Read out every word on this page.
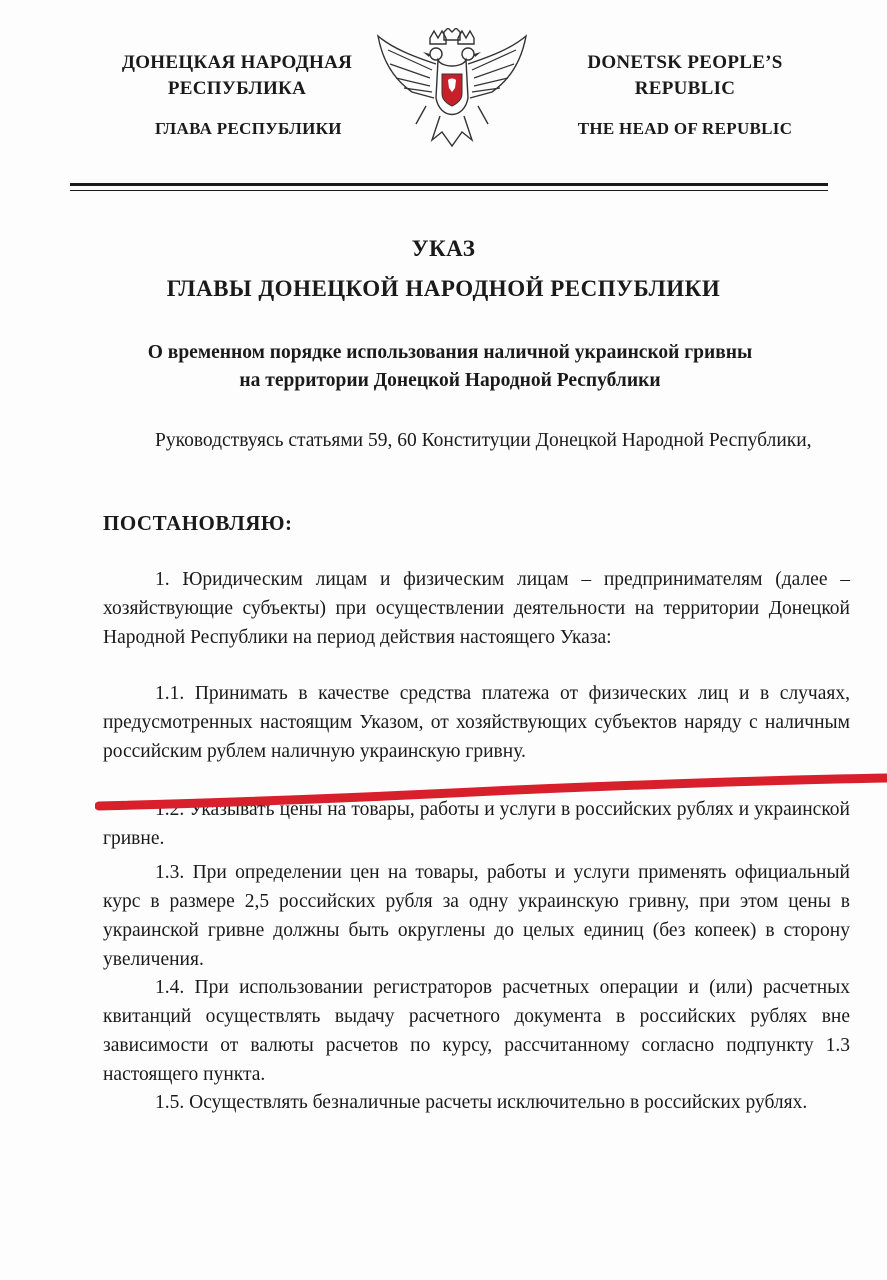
ДОНЕЦКАЯ НАРОДНАЯ
РЕСПУБЛИКА
ГЛАВА РЕСПУБЛИКИ
DONETSK PEOPLE’S
REPUBLIC
THE HEAD OF REPUBLIC
УКАЗ
ГЛАВЫ ДОНЕЦКОЙ НАРОДНОЙ РЕСПУБЛИКИ
О временном порядке использования наличной украинской гривны
на территории Донецкой Народной Республики
Руководствуясь статьями 59, 60 Конституции Донецкой Народной Республики,
ПОСТАНОВЛЯЮ:
1. Юридическим лицам и физическим лицам – предпринимателям (далее – хозяйствующие субъекты) при осуществлении деятельности на территории Донецкой Народной Республики на период действия настоящего Указа:
1.1. Принимать в качестве средства платежа от физических лиц и в случаях, предусмотренных настоящим Указом, от хозяйствующих субъектов наряду с наличным российским рублем наличную украинскую гривну.
1.2. Указывать цены на товары, работы и услуги в российских рублях и украинской гривне.
1.3. При определении цен на товары, работы и услуги применять официальный курс в размере 2,5 российских рубля за одну украинскую гривну, при этом цены в украинской гривне должны быть округлены до целых единиц (без копеек) в сторону увеличения.
1.4. При использовании регистраторов расчетных операции и (или) расчетных квитанций осуществлять выдачу расчетного документа в российских рублях вне зависимости от валюты расчетов по курсу, рассчитанному согласно подпункту 1.3 настоящего пункта.
1.5. Осуществлять безналичные расчеты исключительно в российских рублях.
